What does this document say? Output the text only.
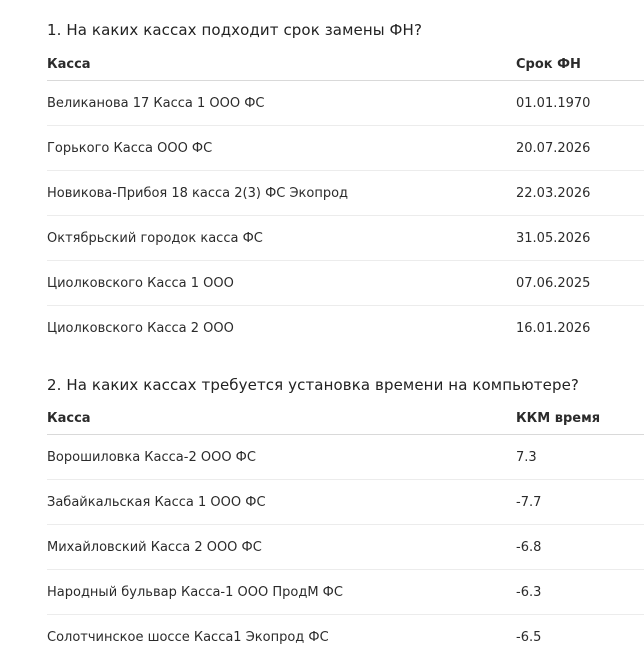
1. На каких кассах подходит срок замены ФН?
Касса	Срок ФН
Великанова 17 Касса 1 ООО ФС	01.01.1970
Горького Касса ООО ФС	20.07.2026
Новикова-Прибоя 18 касса 2(3) ФС Экопрод	22.03.2026
Октябрьский городок касса ФС	31.05.2026
Циолковского Касса 1 ООО	07.06.2025
Циолковского Касса 2 ООО	16.01.2026
2. На каких кассах требуется установка времени на компьютере?
Касса	ККМ время
Ворошиловка Касса-2 ООО ФС	7.3
Забайкальская Касса 1 ООО ФС	-7.7
Михайловский Касса 2 ООО ФС	-6.8
Народный бульвар Касса-1 ООО ПродМ ФС	-6.3
Солотчинское шоссе Касса1 Экопрод ФС	-6.5
